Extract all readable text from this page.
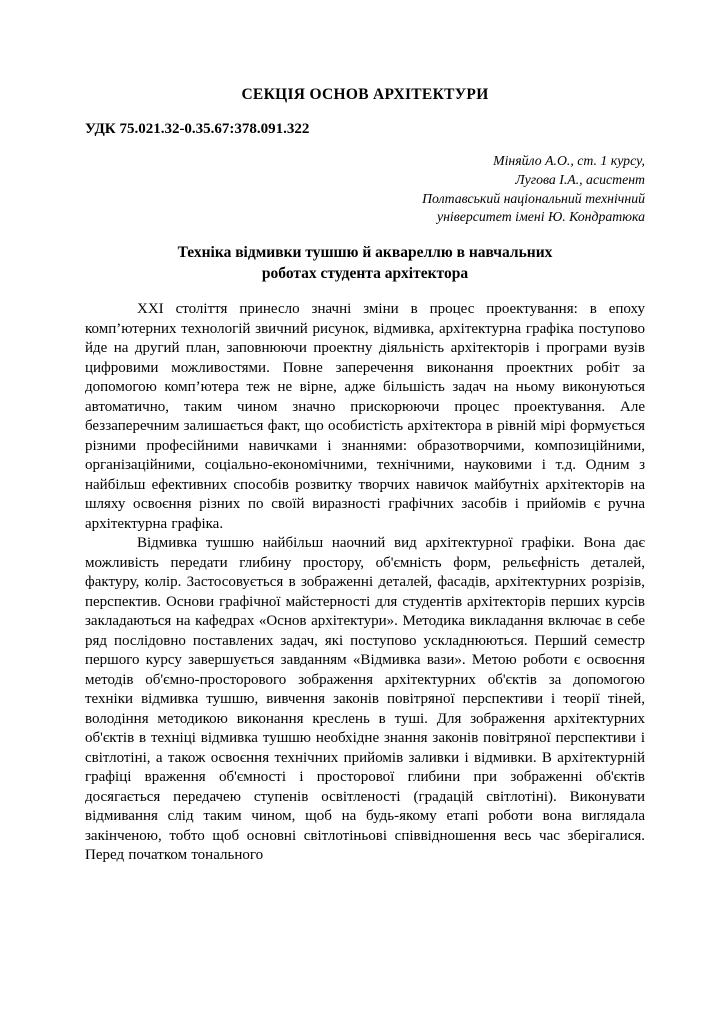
СЕКЦІЯ ОСНОВ АРХІТЕКТУРИ
УДК 75.021.32-0.35.67:378.091.322
Міняйло А.О., ст. 1 курсу,
Лугова І.А., асистент
Полтавський національний технічний
університет імені Ю. Кондратюка
Техніка відмивки тушшю й аквареллю в навчальних
роботах студента архітектора

ХХІ століття принесло значні зміни в процес проектування: в епоху комп’ютерних технологій звичний рисунок, відмивка, архітектурна графіка поступово йде на другий план, заповнюючи проектну діяльність архітекторів і програми вузів цифровими можливостями. Повне заперечення виконання проектних робіт за допомогою комп’ютера теж не вірне, адже більшість задач на ньому виконуються автоматично, таким чином значно прискорюючи процес проектування. Але беззаперечним залишається факт, що особистість архітектора в рівній мірі формується різними професійними навичками і знаннями: образотворчими, композиційними, організаційними, соціально-економічними, технічними, науковими і т.д. Одним з найбільш ефективних способів розвитку творчих навичок майбутніх архітекторів на шляху освоєння різних по своїй виразності графічних засобів і прийомів є ручна архітектурна графіка.

Відмивка тушшю найбільш наочний вид архітектурної графіки. Вона дає можливість передати глибину простору, об'ємність форм, рельєфність деталей, фактуру, колір. Застосовується в зображенні деталей, фасадів, архітектурних розрізів, перспектив. Основи графічної майстерності для студентів архітекторів перших курсів закладаються на кафедрах «Основ архітектури». Методика викладання включає в себе ряд послідовно поставлених задач, які поступово ускладнюються. Перший семестр першого курсу завершується завданням «Відмивка вази». Метою роботи є освоєння методів об'ємно-просторового зображення архітектурних об'єктів за допомогою техніки відмивка тушшю, вивчення законів повітряної перспективи і теорії тіней, володіння методикою виконання креслень в туші. Для зображення архітектурних об'єктів в техніці відмивка тушшю необхідне знання законів повітряної перспективи і світлотіні, а також освоєння технічних прийомів заливки і відмивки. В архітектурній графіці враження об'ємності і просторової глибини при зображенні об'єктів досягається передачею ступенів освітленості (градацій світлотіні). Виконувати відмивання слід таким чином, щоб на будь-якому етапі роботи вона виглядала закінченою, тобто щоб основні світлотіньові співвідношення весь час зберігалися. Перед початком тонального
